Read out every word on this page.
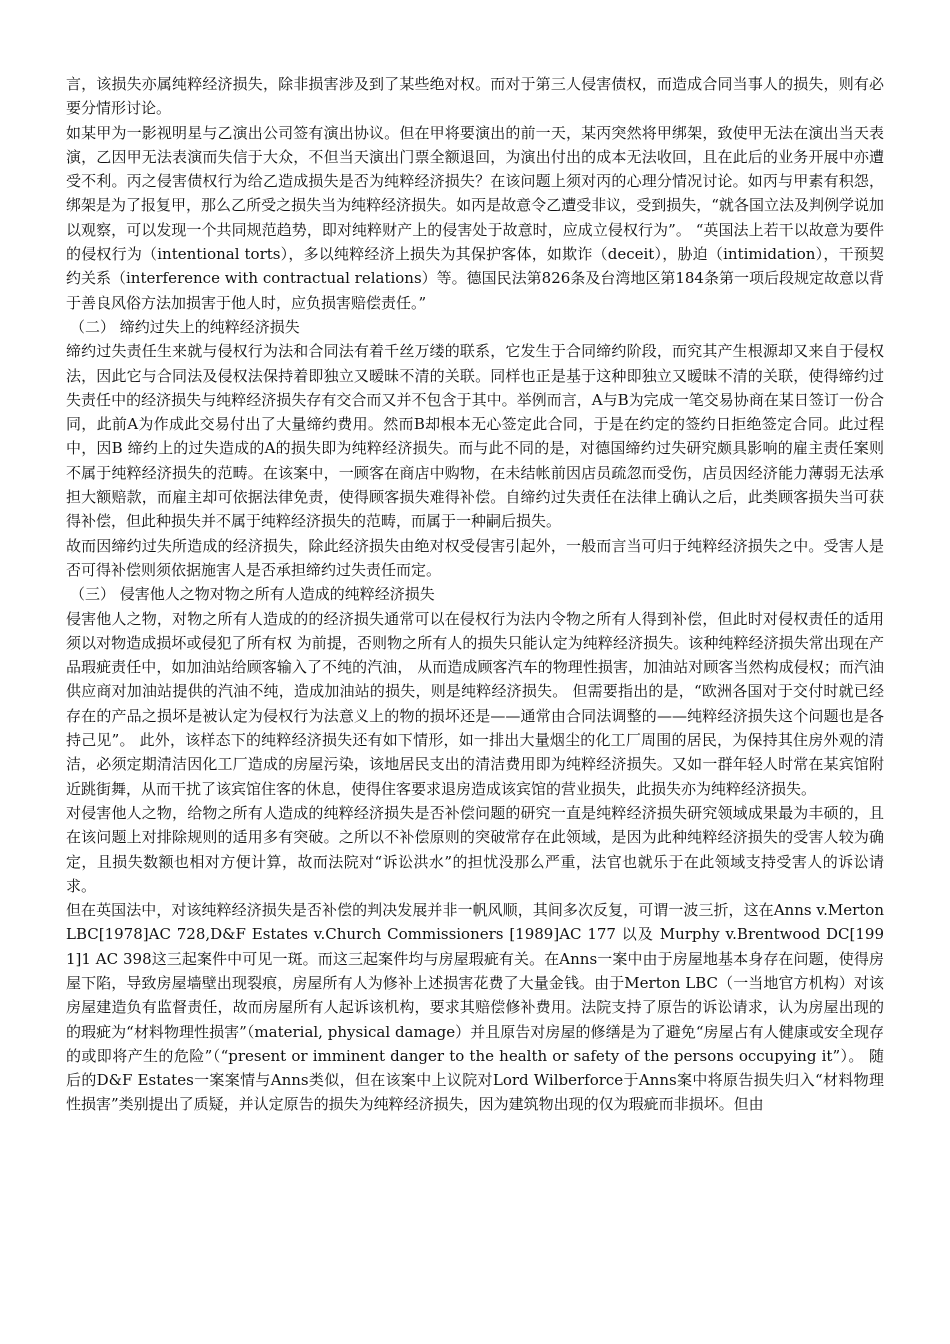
言，该损失亦属纯粹经济损失，除非损害涉及到了某些绝对权。而对于第三人侵害债权，而造成合同当事人的损失，则有必要分情形讨论。

如某甲为一影视明星与乙演出公司签有演出协议。但在甲将要演出的前一天，某丙突然将甲绑架，致使甲无法在演出当天表演，乙因甲无法表演而失信于大众，不但当天演出门票全额退回，为演出付出的成本无法收回，且在此后的业务开展中亦遭受不利。丙之侵害债权行为给乙造成损失是否为纯粹经济损失？在该问题上须对丙的心理分情况讨论。如丙与甲素有积怨，绑架是为了报复甲，那么乙所受之损失当为纯粹经济损失。如丙是故意令乙遭受非议，受到损失，“就各国立法及判例学说加以观察，可以发现一个共同规范趋势，即对纯粹财产上的侵害处于故意时，应成立侵权行为”。 “英国法上若干以故意为要件的侵权行为（intentional torts），多以纯粹经济上损失为其保护客体，如欺诈（deceit），胁迫（intimidation），干预契约关系（interference with contractual relations）等。德国民法第826条及台湾地区第184条第一项后段规定故意以背于善良风俗方法加损害于他人时，应负损害赔偿责任。”

（二） 缔约过失上的纯粹经济损失

缔约过失责任生来就与侵权行为法和合同法有着千丝万缕的联系，它发生于合同缔约阶段，而究其产生根源却又来自于侵权法，因此它与合同法及侵权法保持着即独立又暧昧不清的关联。同样也正是基于这种即独立又暧昧不清的关联，使得缔约过失责任中的经济损失与纯粹经济损失存有交合而又并不包含于其中。举例而言，A与B为完成一笔交易协商在某日签订一份合同，此前A为作成此交易付出了大量缔约费用。然而B却根本无心签定此合同，于是在约定的签约日拒绝签定合同。此过程中，因B 缔约上的过失造成的A的损失即为纯粹经济损失。而与此不同的是，对德国缔约过失研究颇具影响的雇主责任案则不属于纯粹经济损失的范畴。在该案中，一顾客在商店中购物，在未结帐前因店员疏忽而受伤，店员因经济能力薄弱无法承担大额赔款，而雇主却可依据法律免责，使得顾客损失难得补偿。自缔约过失责任在法律上确认之后，此类顾客损失当可获得补偿，但此种损失并不属于纯粹经济损失的范畴，而属于一种嗣后损失。

故而因缔约过失所造成的经济损失，除此经济损失由绝对权受侵害引起外，一般而言当可归于纯粹经济损失之中。受害人是否可得补偿则须依据施害人是否承担缔约过失责任而定。

（三） 侵害他人之物对物之所有人造成的纯粹经济损失

侵害他人之物，对物之所有人造成的的经济损失通常可以在侵权行为法内令物之所有人得到补偿，但此时对侵权责任的适用须以对物造成损坏或侵犯了所有权 为前提，否则物之所有人的损失只能认定为纯粹经济损失。该种纯粹经济损失常出现在产品瑕疵责任中，如加油站给顾客输入了不纯的汽油， 从而造成顾客汽车的物理性损害，加油站对顾客当然构成侵权；而汽油供应商对加油站提供的汽油不纯，造成加油站的损失，则是纯粹经济损失。 但需要指出的是，“欧洲各国对于交付时就已经存在的产品之损坏是被认定为侵权行为法意义上的物的损坏还是——通常由合同法调整的——纯粹经济损失这个问题也是各持己见”。 此外，该样态下的纯粹经济损失还有如下情形，如一排出大量烟尘的化工厂周围的居民，为保持其住房外观的清洁，必须定期清洁因化工厂造成的房屋污染，该地居民支出的清洁费用即为纯粹经济损失。又如一群年轻人时常在某宾馆附近跳街舞，从而干扰了该宾馆住客的休息，使得住客要求退房造成该宾馆的营业损失，此损失亦为纯粹经济损失。

对侵害他人之物，给物之所有人造成的纯粹经济损失是否补偿问题的研究一直是纯粹经济损失研究领域成果最为丰硕的，且在该问题上对排除规则的适用多有突破。之所以不补偿原则的突破常存在此领域，是因为此种纯粹经济损失的受害人较为确定，且损失数额也相对方便计算，故而法院对“诉讼洪水”的担忧没那么严重，法官也就乐于在此领域支持受害人的诉讼请求。

但在英国法中，对该纯粹经济损失是否补偿的判决发展并非一帆风顺，其间多次反复，可谓一波三折，这在Anns v.Merton LBC[1978]AC 728,D&F Estates v.Church Commissioners [1989]AC 177 以及 Murphy v.Brentwood DC[1991]1 AC 398这三起案件中可见一斑。而这三起案件均与房屋瑕疵有关。在Anns一案中由于房屋地基本身存在问题，使得房屋下陷，导致房屋墙壁出现裂痕，房屋所有人为修补上述损害花费了大量金钱。由于Merton LBC（一当地官方机构）对该房屋建造负有监督责任，故而房屋所有人起诉该机构，要求其赔偿修补费用。法院支持了原告的诉讼请求，认为房屋出现的的瑕疵为“材料物理性损害”（material, physical damage）并且原告对房屋的修缮是为了避免“房屋占有人健康或安全现存的或即将产生的危险”（“present or imminent danger to the health or safety of the persons occupying it”）。 随后的D&F Estates一案案情与Anns类似，但在该案中上议院对Lord Wilberforce于Anns案中将原告损失归入“材料物理性损害”类别提出了质疑，并认定原告的损失为纯粹经济损失，因为建筑物出现的仅为瑕疵而非损坏。但由
